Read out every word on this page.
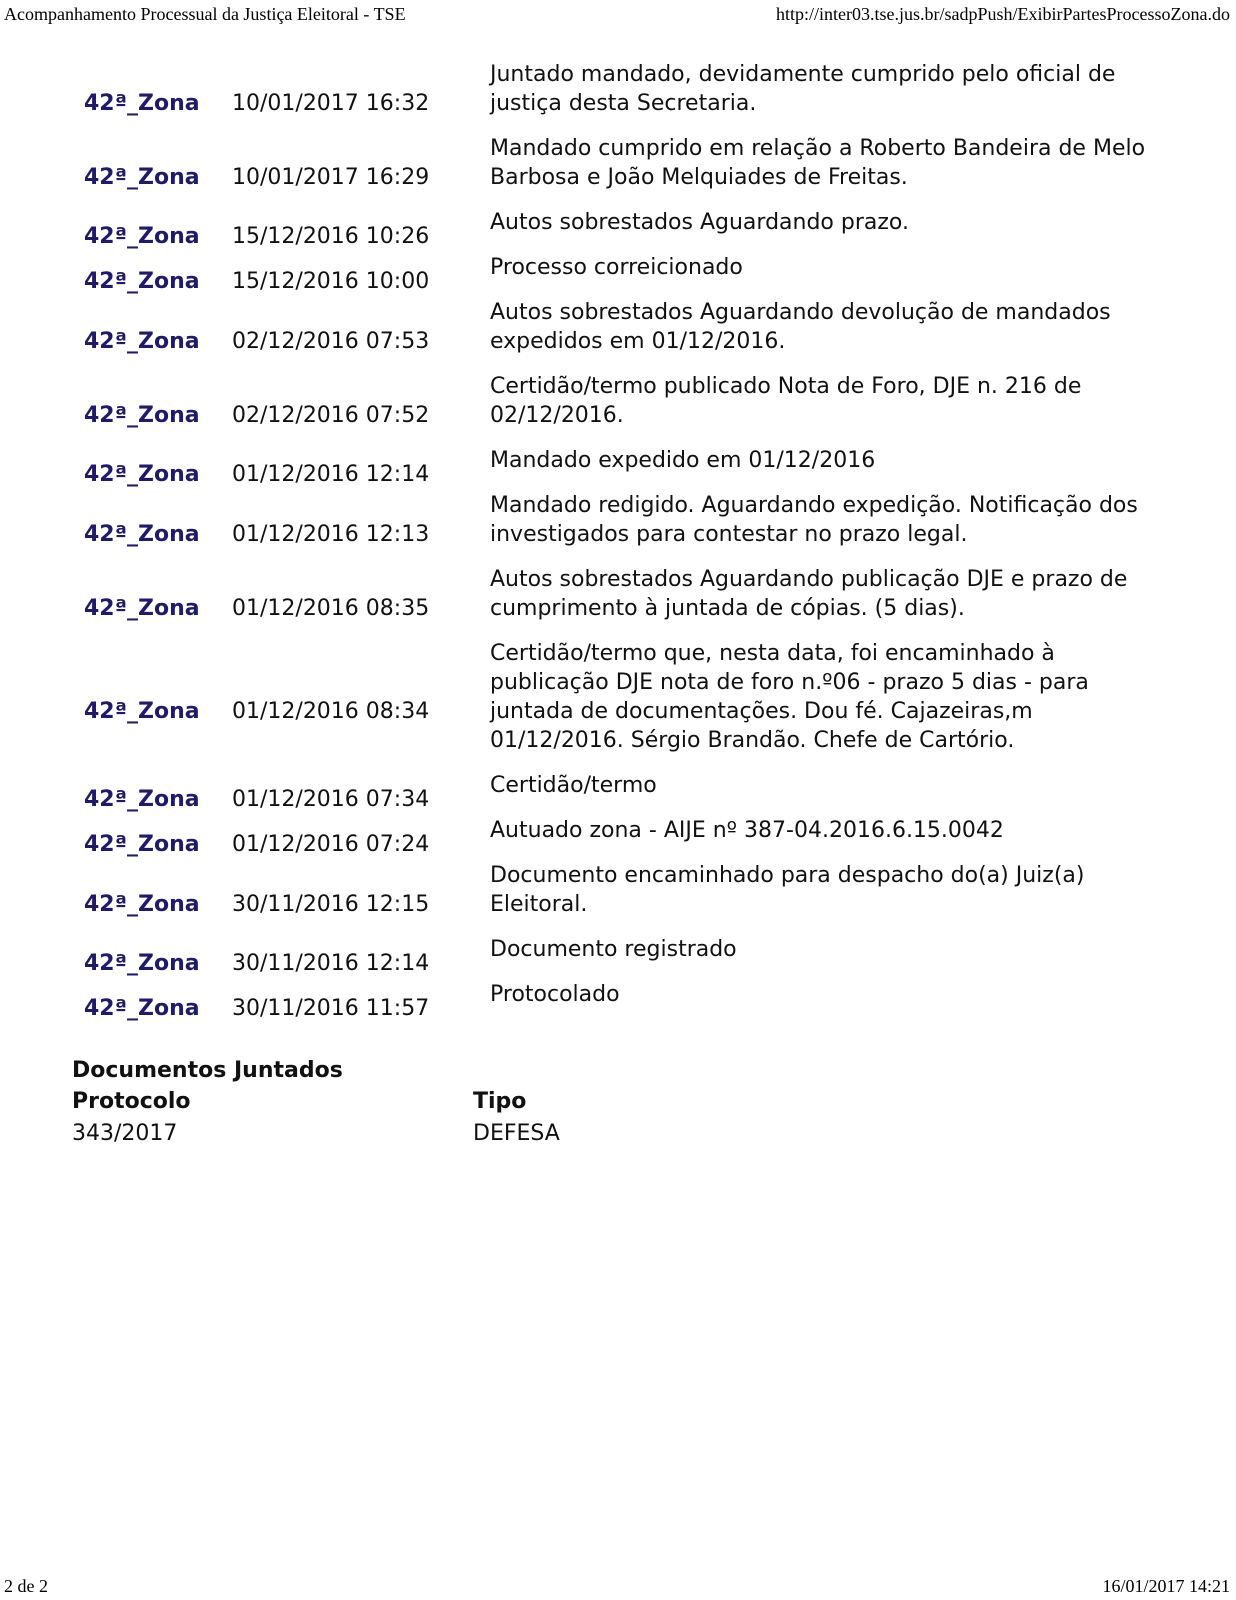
Acompanhamento Processual da Justiça Eleitoral - TSE	http://inter03.tse.jus.br/sadpPush/ExibirPartesProcessoZona.do
42ª_Zona	10/01/2017 16:32	Juntado mandado, devidamente cumprido pelo oficial de justiça desta Secretaria.

42ª_Zona	10/01/2017 16:29	Mandado cumprido em relação a Roberto Bandeira de Melo Barbosa e João Melquiades de Freitas.

42ª_Zona	15/12/2016 10:26	Autos sobrestados Aguardando prazo.

42ª_Zona	15/12/2016 10:00	Processo correicionado

42ª_Zona	02/12/2016 07:53	Autos sobrestados Aguardando devolução de mandados expedidos em 01/12/2016.

42ª_Zona	02/12/2016 07:52	Certidão/termo publicado Nota de Foro, DJE n. 216 de 02/12/2016.

42ª_Zona	01/12/2016 12:14	Mandado expedido em 01/12/2016

42ª_Zona	01/12/2016 12:13	Mandado redigido. Aguardando expedição. Notificação dos investigados para contestar no prazo legal.

42ª_Zona	01/12/2016 08:35	Autos sobrestados Aguardando publicação DJE e prazo de cumprimento à juntada de cópias. (5 dias).

42ª_Zona	01/12/2016 08:34	Certidão/termo que, nesta data, foi encaminhado à publicação DJE nota de foro n.º06 - prazo 5 dias - para juntada de documentações. Dou fé. Cajazeiras,m 01/12/2016. Sérgio Brandão. Chefe de Cartório.

42ª_Zona	01/12/2016 07:34	Certidão/termo

42ª_Zona	01/12/2016 07:24	Autuado zona - AIJE nº 387-04.2016.6.15.0042

42ª_Zona	30/11/2016 12:15	Documento encaminhado para despacho do(a) Juiz(a) Eleitoral.

42ª_Zona	30/11/2016 12:14	Documento registrado

42ª_Zona	30/11/2016 11:57	Protocolado
Documentos Juntados
Protocolo	Tipo
343/2017	DEFESA
2 de 2	16/01/2017 14:21
